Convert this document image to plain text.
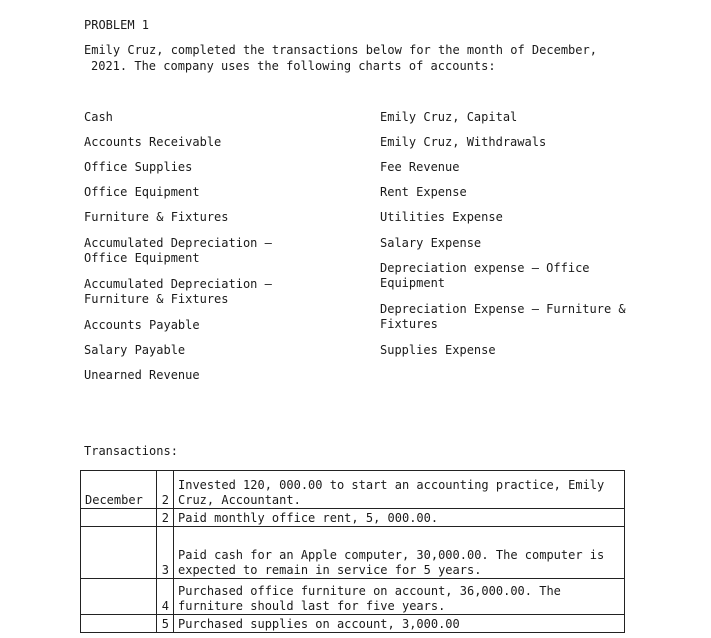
PROBLEM 1
Emily Cruz, completed the transactions below for the month of December,
2021. The company uses the following charts of accounts:
Cash
Accounts Receivable
Office Supplies
Office Equipment
Furniture & Fixtures
Accumulated Depreciation – Office Equipment
Accumulated Depreciation – Furniture & Fixtures
Accounts Payable
Salary Payable
Unearned Revenue
Emily Cruz, Capital
Emily Cruz, Withdrawals
Fee Revenue
Rent Expense
Utilities Expense
Salary Expense
Depreciation expense – Office Equipment
Depreciation Expense – Furniture & Fixtures
Supplies Expense
Transactions:
December	2	Invested 120, 000.00 to start an accounting practice, Emily Cruz, Accountant.
	2	Paid monthly office rent, 5, 000.00.
	3	Paid cash for an Apple computer, 30,000.00. The computer is expected to remain in service for 5 years.
	4	Purchased office furniture on account, 36,000.00. The furniture should last for five years.
	5	Purchased supplies on account, 3,000.00
